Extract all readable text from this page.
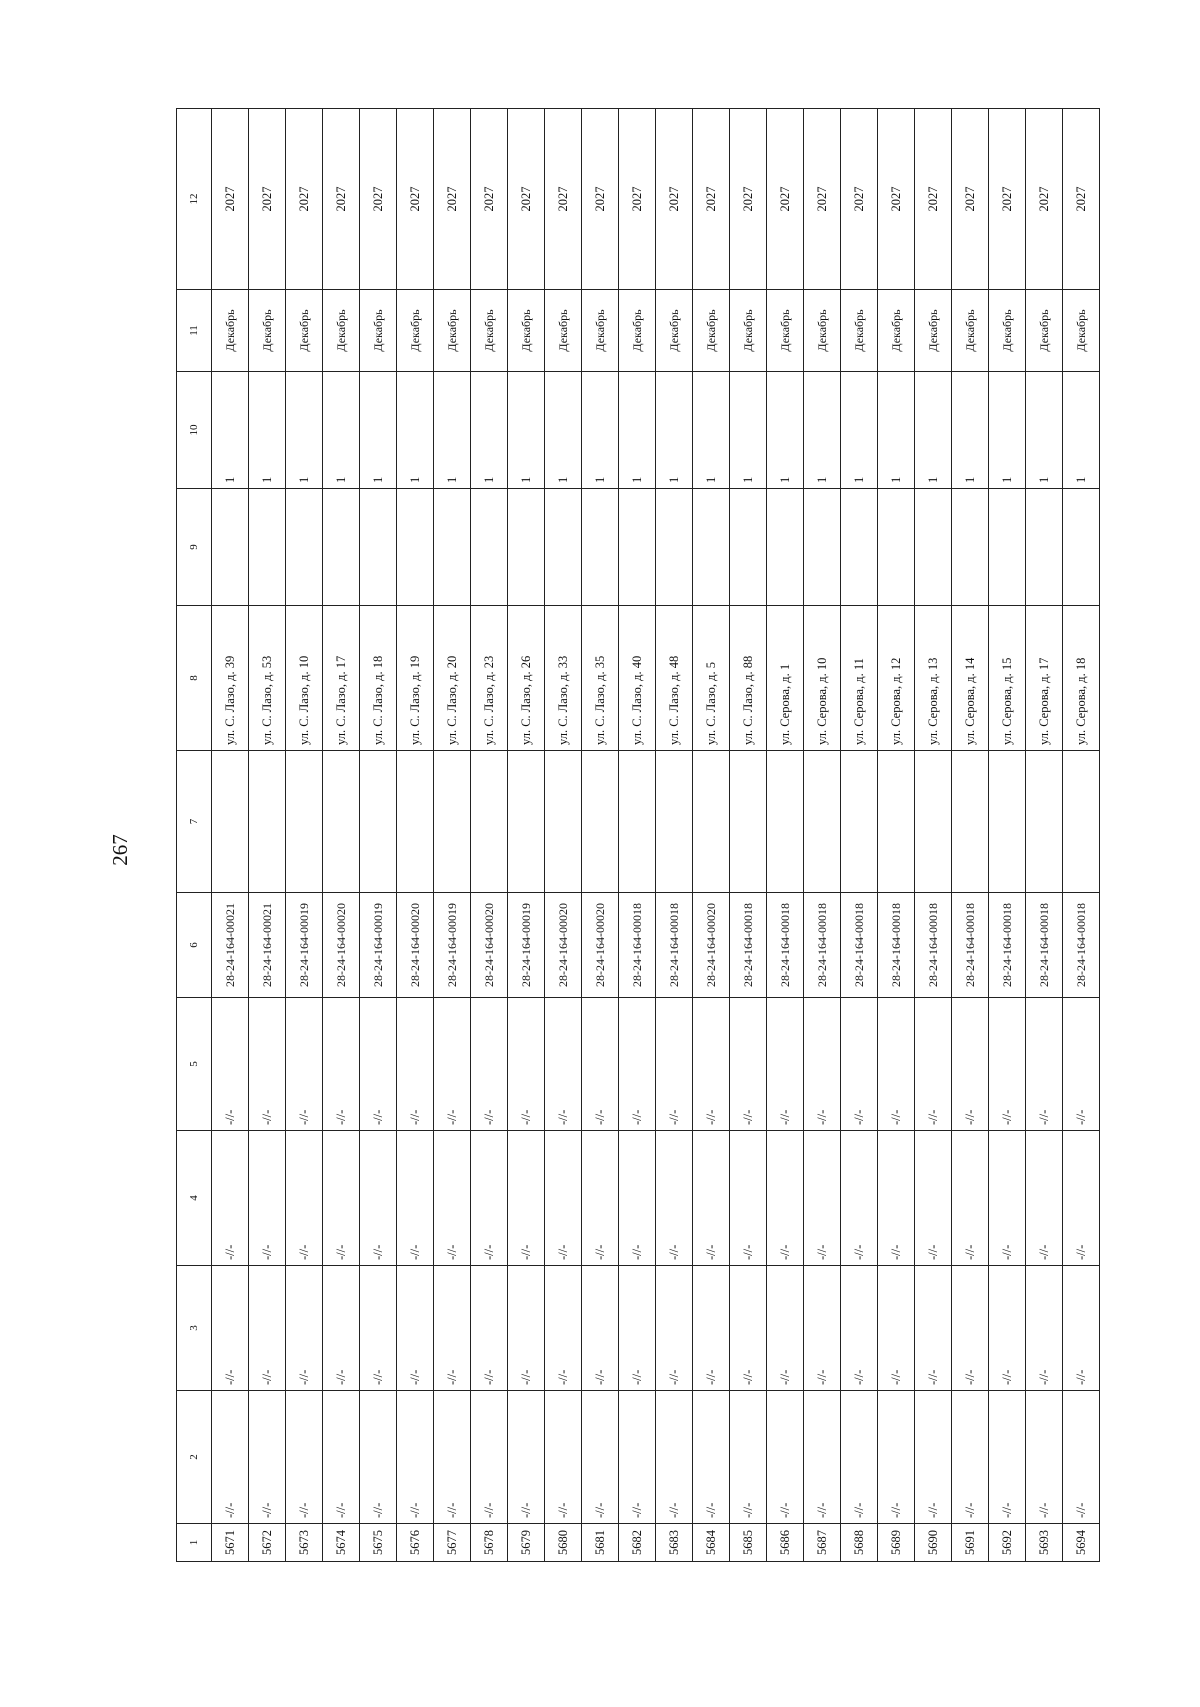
267
1	2	3	4	5	6	7	8	9	10	11	12
5671	-//-	-//-	-//-	-//-	28-24-164-00021		ул. С. Лазо, д. 39		1	Декабрь	2027
5672	-//-	-//-	-//-	-//-	28-24-164-00021		ул. С. Лазо, д. 53		1	Декабрь	2027
5673	-//-	-//-	-//-	-//-	28-24-164-00019		ул. С. Лазо, д. 10		1	Декабрь	2027
5674	-//-	-//-	-//-	-//-	28-24-164-00020		ул. С. Лазо, д. 17		1	Декабрь	2027
5675	-//-	-//-	-//-	-//-	28-24-164-00019		ул. С. Лазо, д. 18		1	Декабрь	2027
5676	-//-	-//-	-//-	-//-	28-24-164-00020		ул. С. Лазо, д. 19		1	Декабрь	2027
5677	-//-	-//-	-//-	-//-	28-24-164-00019		ул. С. Лазо, д. 20		1	Декабрь	2027
5678	-//-	-//-	-//-	-//-	28-24-164-00020		ул. С. Лазо, д. 23		1	Декабрь	2027
5679	-//-	-//-	-//-	-//-	28-24-164-00019		ул. С. Лазо, д. 26		1	Декабрь	2027
5680	-//-	-//-	-//-	-//-	28-24-164-00020		ул. С. Лазо, д. 33		1	Декабрь	2027
5681	-//-	-//-	-//-	-//-	28-24-164-00020		ул. С. Лазо, д. 35		1	Декабрь	2027
5682	-//-	-//-	-//-	-//-	28-24-164-00018		ул. С. Лазо, д. 40		1	Декабрь	2027
5683	-//-	-//-	-//-	-//-	28-24-164-00018		ул. С. Лазо, д. 48		1	Декабрь	2027
5684	-//-	-//-	-//-	-//-	28-24-164-00020		ул. С. Лазо, д. 5		1	Декабрь	2027
5685	-//-	-//-	-//-	-//-	28-24-164-00018		ул. С. Лазо, д. 88		1	Декабрь	2027
5686	-//-	-//-	-//-	-//-	28-24-164-00018		ул. Серова, д. 1		1	Декабрь	2027
5687	-//-	-//-	-//-	-//-	28-24-164-00018		ул. Серова, д. 10		1	Декабрь	2027
5688	-//-	-//-	-//-	-//-	28-24-164-00018		ул. Серова, д. 11		1	Декабрь	2027
5689	-//-	-//-	-//-	-//-	28-24-164-00018		ул. Серова, д. 12		1	Декабрь	2027
5690	-//-	-//-	-//-	-//-	28-24-164-00018		ул. Серова, д. 13		1	Декабрь	2027
5691	-//-	-//-	-//-	-//-	28-24-164-00018		ул. Серова, д. 14		1	Декабрь	2027
5692	-//-	-//-	-//-	-//-	28-24-164-00018		ул. Серова, д. 15		1	Декабрь	2027
5693	-//-	-//-	-//-	-//-	28-24-164-00018		ул. Серова, д. 17		1	Декабрь	2027
5694	-//-	-//-	-//-	-//-	28-24-164-00018		ул. Серова, д. 18		1	Декабрь	2027
